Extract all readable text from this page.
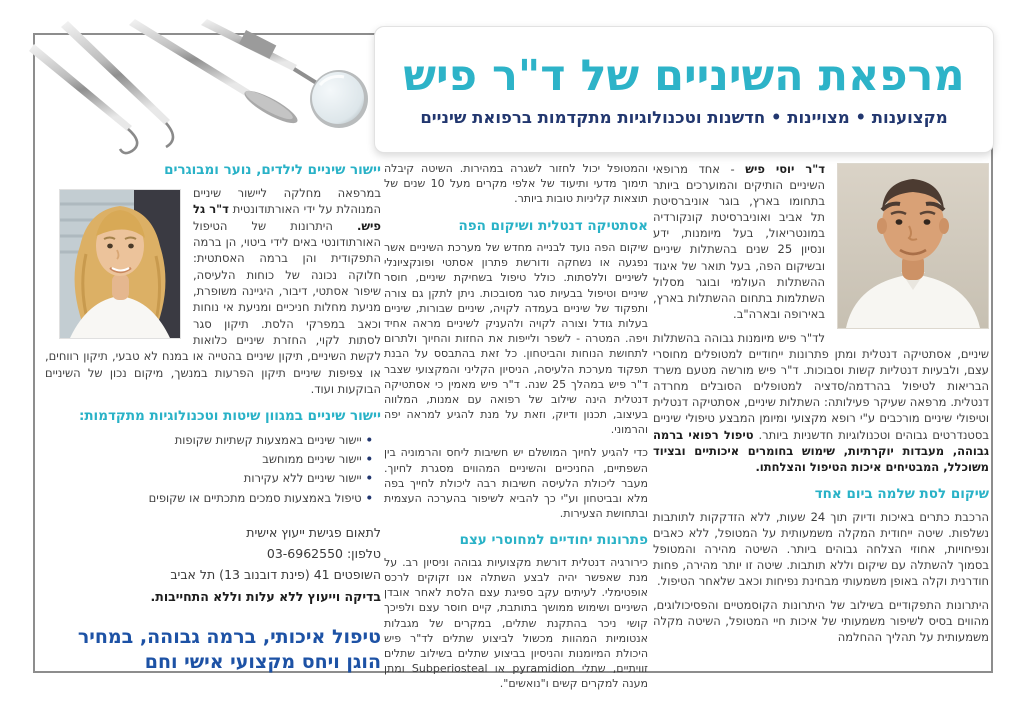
ד"ר יוסי פיש - אחד מרופאי השיניים הותיקים והמוערכים ביותר בתחומו בארץ, בוגר אוניברסיטת תל אביב ואוניברסיטת קונקורדיה במונטריאול, בעל מיומנות, ידע ונסיון 25 שנים בהשתלות שיניים ובשיקום הפה, בעל תואר של איגוד ההשתלות העולמי ובוגר מסלול השתלמות בתחום ההשתלות בארץ, באירופה ובארה"ב.

לד"ר פיש מיומנות גבוהה בהשתלות שיניים, אסתטיקה דנטלית ומתן פתרונות ייחודיים למטופלים מחוסרי עצם, ולבעיות דנטליות קשות וסבוכות. ד"ר פיש מורשה מטעם משרד הבריאות לטיפול בהרדמה/סדציה למטופלים הסובלים מחרדה דנטלית. מרפאה שעיקר פעילותה: השתלות שיניים, אסתטיקה דנטלית וטיפולי שיניים מורכבים ע"י רופא מקצועי ומיומן המבצע טיפולי שיניים בסטנדרטים גבוהים וטכנולוגיות חדשניות ביותר. טיפול רפואי ברמה גבוהה, מעבדות יוקרתיות, שימוש בחומרים איכותיים ובציוד משוכלל, המבטיחים איכות הטיפול והצלחתו.

שיקום לסת שלמה ביום אחד

הרכבת כתרים באיכות ודיוק תוך 24 שעות, ללא הזדקקות לתותבות נשלפות. שיטה ייחודית המקלה משמעותית על המטופל, ללא כאבים ונפיחויות, אחוזי הצלחה גבוהים ביותר. השיטה מהירה והמטופל בסמוך להשתלה עם שיקום וללא תותבות. שיטה זו יותר מהירה, פחות חודרנית וקלה באופן משמעותי מבחינת נפיחות וכאב שלאחר הטיפול.

היתרונות התפקודיים בשילוב של היתרונות הקוסמטיים והפסיכולוגים, מהווים בסיס לשיפור משמעותי של איכות חיי המטופל, השיטה מקלה משמעותית על תהליך ההחלמה

והמטופל יכול לחזור לשגרה במהירות. השיטה קיבלה תימוך מדעי ותיעוד של אלפי מקרים מעל 10 שנים של תוצאות קליניות טובות ביותר.

אסתטיקה דנטלית ושיקום הפה

שיקום הפה נועד לבנייה מחדש של מערכת השיניים אשר נפגעה או נשחקה ודורשת פתרון אסתטי ופונקציונלי לשיניים וללסתות. כולל טיפול בשחיקת שיניים, חוסר שיניים וטיפול בבעיות סגר מסובכות. ניתן לתקן גם צורה ותפקוד של שיניים בעמדה לקויה, שיניים שבורות, שיניים בעלות גודל וצורה לקויה ולהעניק לשיניים מראה אחיד ויפה. המטרה - לשפר ולייפות את החזות והחיוך ולתרום לתחושת הנוחות והביטחון. כל זאת בהתבסס על הבנת תפקוד מערכת הלעיסה, הניסיון הקליני והמקצועי שצבר ד"ר פיש במהלך 25 שנה. ד"ר פיש מאמין כי אסתטיקה דנטלית הינה שילוב של רפואה עם אמנות, המלווה בעיצוב, תכנון ודיוק, וזאת על מנת להגיע למראה יפה והרמוני.

כדי להגיע לחיוך המושלם יש חשיבות ליחס והרמוניה בין השפתיים, החניכיים והשיניים המהווים מסגרת לחיוך. מעבר ליכולת הלעיסה חשיבות רבה ליכולת לחייך בפה מלא ובביטחון וע"י כך להביא לשיפור בהערכה העצמית ובתחושת הצעירות.

פתרונות יחודיים למחוסרי עצם

כירורגיה דנטלית דורשת מקצועיות גבוהה וניסיון רב. על מנת שאפשר יהיה לבצע השתלה אנו זקוקים לרכס אופטימלי. לעיתים עקב ספיגת עצם הלסת לאחר אובדן השיניים ושימוש ממושך בתותבת, קיים חוסר עצם ולפיכך קושי ניכר בהתקנת שתלים, במקרים של מגבלות אנטומיות המהוות מכשול לביצוע שתלים לד"ר פיש היכולת המיומנות והניסיון בביצוע שתלים בשילוב שתלים זוויתיים, שתלי pyramidion או Subperiosteal ומתן מענה למקרים קשים ו"נואשים".

יישור שיניים לילדים, נוער ומבוגרים

במרפאה מחלקה ליישור שיניים המנוהלת על ידי האורתודונטית ד"ר גל פיש. היתרונות של הטיפול האורתודונטי באים לידי ביטוי, הן ברמה התפקודית והן ברמה האסתטית: חלוקה נכונה של כוחות הלעיסה, שיפור אסתטי, דיבור, היגיינה משופרת, מניעת מחלות חניכיים ומניעת אי נוחות וכאב במפרקי הלסת. תיקון סגר לסתות לקוי, החזרת שיניים כלואות לקשת השיניים, תיקון שיניים בהטייה או במנח לא טבעי, תיקון רווחים, או צפיפות שיניים תיקון הפרעות במנשך, מיקום נכון של השיניים הבוקעות ועוד.

יישור שיניים במגוון שיטות וטכנולוגיות מתקדמות:
• יישור שיניים באמצעות קשתיות שקופות
• יישור שיניים ממוחשב
• יישור שיניים ללא עקירות
• טיפול באמצעות סמכים מתכתיים או שקופים
לתאום פגישת ייעוץ אישית
טלפון: 03-6962550
השופטים 41 (פינת דובנוב 13) תל אביב
בדיקה וייעוץ ללא עלות וללא התחייבות.
טיפול איכותי, ברמה גבוהה, במחיר הוגן ויחס מקצועי אישי וחם
מרפאת השיניים של ד"ר פיש
מקצוענות • מצויינות • חדשנות וטכנולוגיות מתקדמות ברפואת שיניים
